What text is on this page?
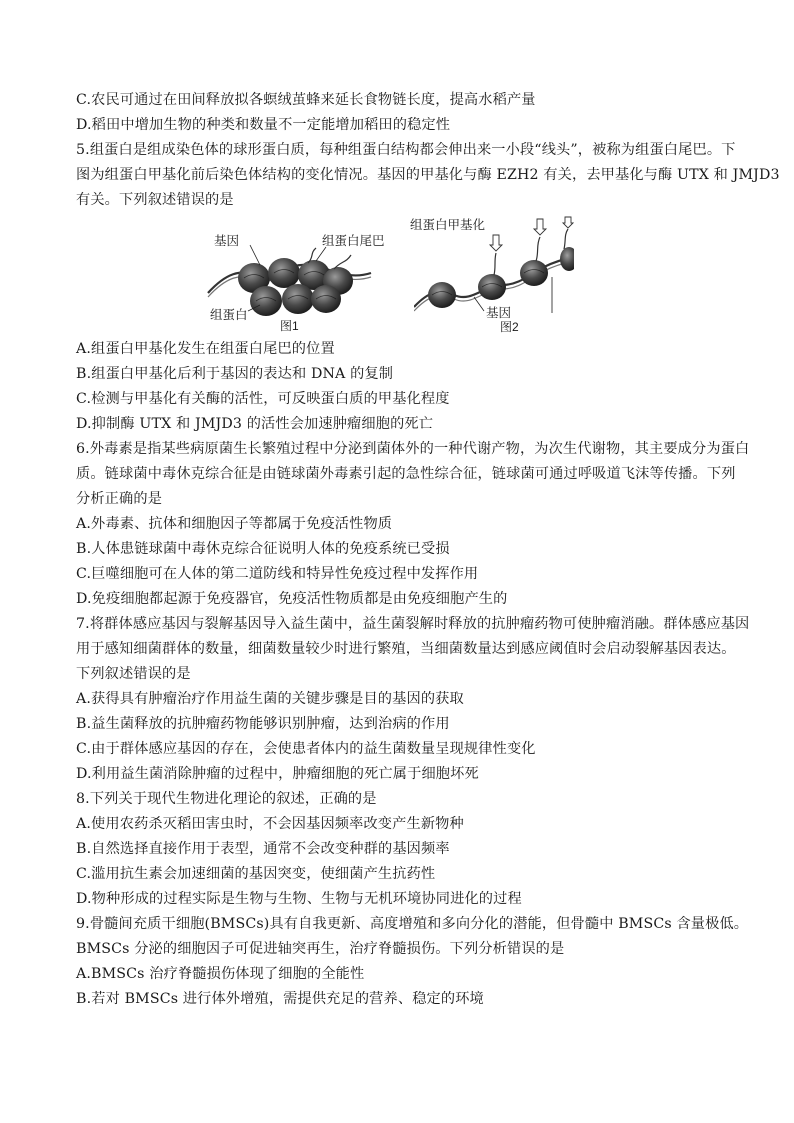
C.农民可通过在田间释放拟各螟绒茧蜂来延长食物链长度，提高水稻产量
D.稻田中增加生物的种类和数量不一定能增加稻田的稳定性
5.组蛋白是组成染色体的球形蛋白质，每种组蛋白结构都会伸出来一小段“线头”，被称为组蛋白尾巴。下
图为组蛋白甲基化前后染色体结构的变化情况。基因的甲基化与酶 EZH2 有关，去甲基化与酶 UTX 和 JMJD3
有关。下列叙述错误的是
基因	组蛋白尾巴
组蛋白
图1
组蛋白甲基化
基因
图2
A.组蛋白甲基化发生在组蛋白尾巴的位置
B.组蛋白甲基化后利于基因的表达和 DNA 的复制
C.检测与甲基化有关酶的活性，可反映蛋白质的甲基化程度
D.抑制酶 UTX 和 JMJD3 的活性会加速肿瘤细胞的死亡
6.外毒素是指某些病原菌生长繁殖过程中分泌到菌体外的一种代谢产物，为次生代谢物，其主要成分为蛋白
质。链球菌中毒休克综合征是由链球菌外毒素引起的急性综合征，链球菌可通过呼吸道飞沫等传播。下列
分析正确的是
A.外毒素、抗体和细胞因子等都属于免疫活性物质
B.人体患链球菌中毒休克综合征说明人体的免疫系统已受损
C.巨噬细胞可在人体的第二道防线和特异性免疫过程中发挥作用
D.免疫细胞都起源于免疫器官，免疫活性物质都是由免疫细胞产生的
7.将群体感应基因与裂解基因导入益生菌中，益生菌裂解时释放的抗肿瘤药物可使肿瘤消融。群体感应基因
用于感知细菌群体的数量，细菌数量较少时进行繁殖，当细菌数量达到感应阈值时会启动裂解基因表达。
下列叙述错误的是
A.获得具有肿瘤治疗作用益生菌的关键步骤是目的基因的获取
B.益生菌释放的抗肿瘤药物能够识别肿瘤，达到治病的作用
C.由于群体感应基因的存在，会使患者体内的益生菌数量呈现规律性变化
D.利用益生菌消除肿瘤的过程中，肿瘤细胞的死亡属于细胞坏死
8.下列关于现代生物进化理论的叙述，正确的是
A.使用农药杀灭稻田害虫时，不会因基因频率改变产生新物种
B.自然选择直接作用于表型，通常不会改变种群的基因频率
C.滥用抗生素会加速细菌的基因突变，使细菌产生抗药性
D.物种形成的过程实际是生物与生物、生物与无机环境协同进化的过程
9.骨髓间充质干细胞(BMSCs)具有自我更新、高度增殖和多向分化的潜能，但骨髓中 BMSCs 含量极低。
BMSCs 分泌的细胞因子可促进轴突再生，治疗脊髓损伤。下列分析错误的是
A.BMSCs 治疗脊髓损伤体现了细胞的全能性
B.若对 BMSCs 进行体外增殖，需提供充足的营养、稳定的环境
